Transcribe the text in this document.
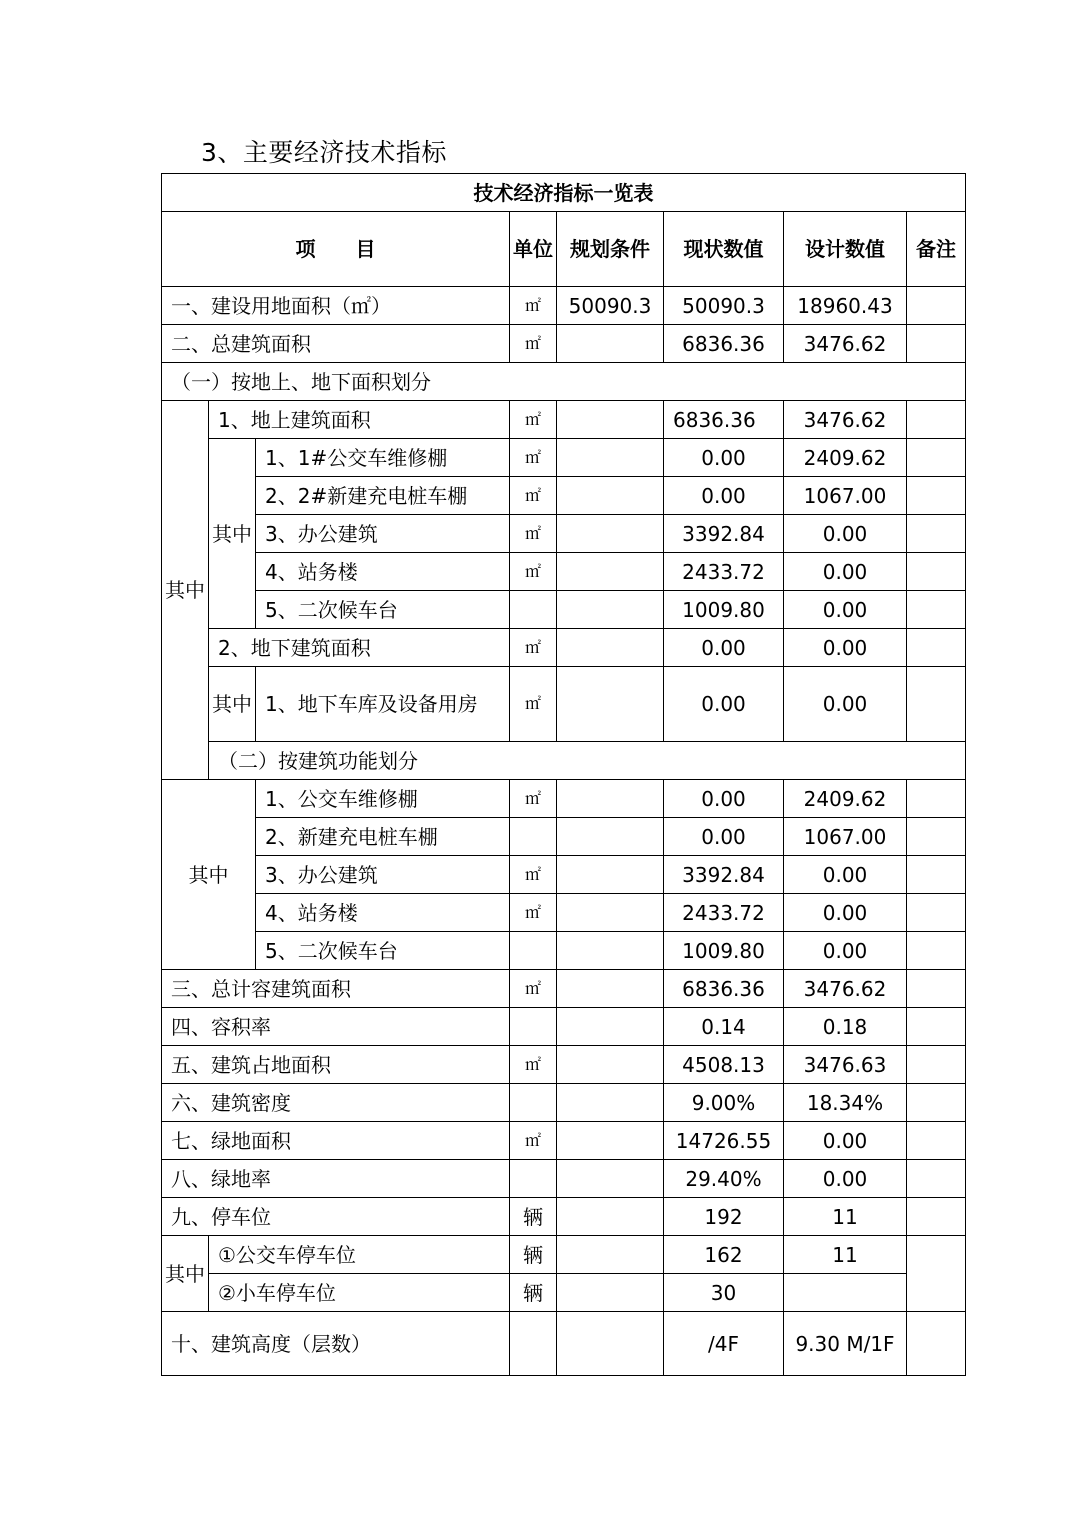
3、主要经济技术指标
技术经济指标一览表							
项　　目			单位	规划条件	现状数值	设计数值	备注
一、建设用地面积（㎡）			㎡	50090.3	50090.3	18960.43	
二、总建筑面积			㎡		6836.36	3476.62	
（一）按地上、地下面积划分							
其中	1、地上建筑面积		㎡		6836.36	3476.62	
	其中	1、1#公交车维修棚	㎡		0.00	2409.62	
		2、2#新建充电桩车棚	㎡		0.00	1067.00	
		3、办公建筑	㎡		3392.84	0.00	
		4、站务楼	㎡		2433.72	0.00	
		5、二次候车台			1009.80	0.00	
	2、地下建筑面积		㎡		0.00	0.00	
	其中	1、地下车库及设备用房	㎡		0.00	0.00	
	（二）按建筑功能划分						
其中		1、公交车维修棚	㎡		0.00	2409.62	
		2、新建充电桩车棚			0.00	1067.00	
		3、办公建筑	㎡		3392.84	0.00	
		4、站务楼	㎡		2433.72	0.00	
		5、二次候车台			1009.80	0.00	
三、总计容建筑面积			㎡		6836.36	3476.62	
四、容积率					0.14	0.18	
五、建筑占地面积			㎡		4508.13	3476.63	
六、建筑密度					9.00%	18.34%	
七、绿地面积			㎡		14726.55	0.00	
八、绿地率					29.40%	0.00	
九、停车位			辆		192	11	
其中	①公交车停车位		辆		162	11	
	②小车停车位		辆		30		
十、建筑高度（层数）					/4F	9.30 M/1F	
